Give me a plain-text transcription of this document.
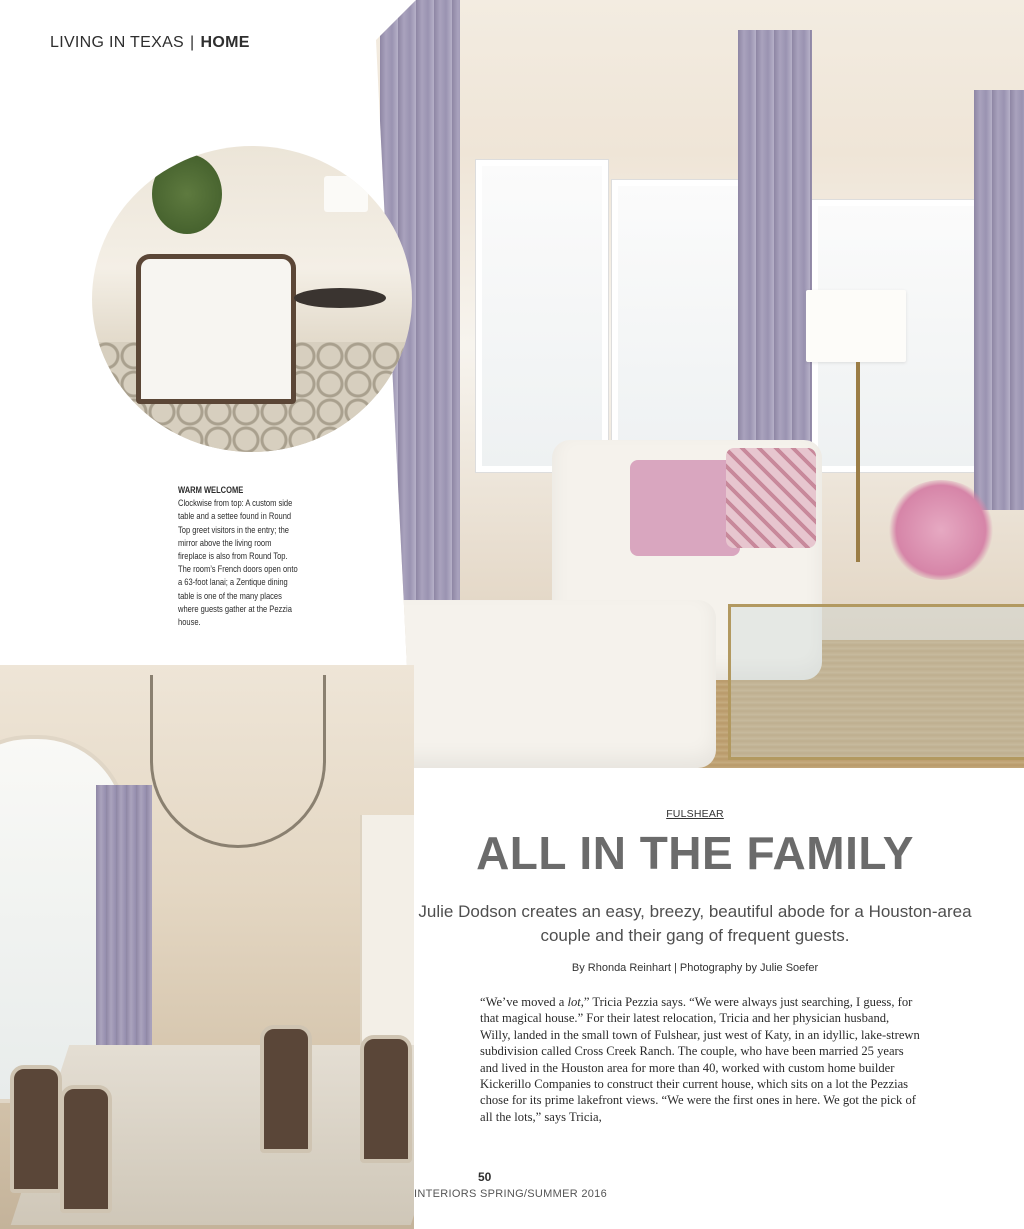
LIVING IN TEXAS | HOME
WARM WELCOME
Clockwise from top: A custom side table and a settee found in Round Top greet visitors in the entry; the mirror above the living room fireplace is also from Round Top. The room’s French doors open onto a 63-foot lanai; a Zentique dining table is one of the many places where guests gather at the Pezzia house.
FULSHEAR
ALL IN THE FAMILY
Julie Dodson creates an easy, breezy, beautiful abode for a Houston-area couple and their gang of frequent guests.
By Rhonda Reinhart | Photography by Julie Soefer
“We’ve moved a lot,” Tricia Pezzia says. “We were always just searching, I guess, for that magical house.” For their latest relocation, Tricia and her physician husband, Willy, landed in the small town of Fulshear, just west of Katy, in an idyllic, lake-strewn subdivision called Cross Creek Ranch. The couple, who have been married 25 years and lived in the Houston area for more than 40, worked with custom home builder Kickerillo Companies to construct their current house, which sits on a lot the Pezzias chose for its prime lakefront views. “We were the first ones in here. We got the pick of all the lots,” says Tricia,
50
INTERIORS SPRING/SUMMER 2016
